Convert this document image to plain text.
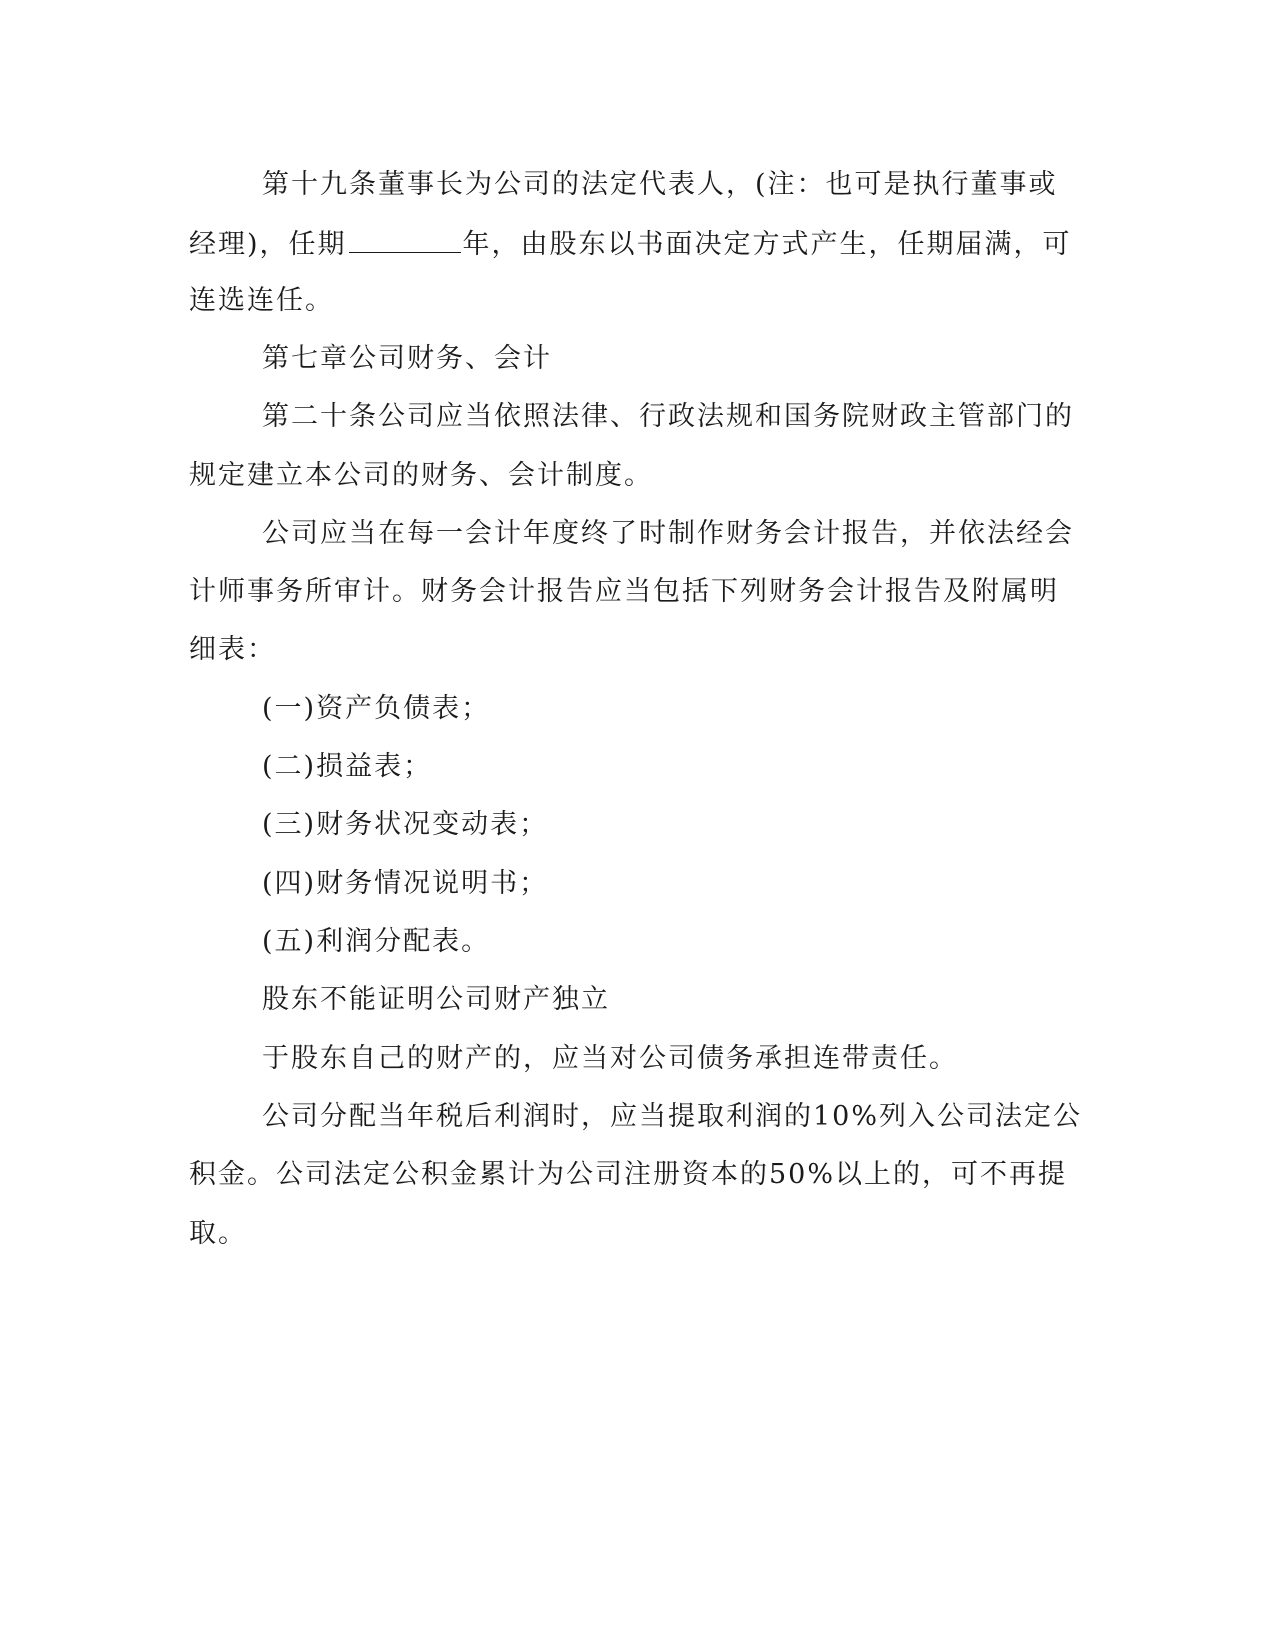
第十九条董事长为公司的法定代表人，(注：也可是执行董事或
经理)，任期	年，由股东以书面决定方式产生，任期届满，可
连选连任。
第七章公司财务、会计
第二十条公司应当依照法律、行政法规和国务院财政主管部门的
规定建立本公司的财务、会计制度。
公司应当在每一会计年度终了时制作财务会计报告，并依法经会
计师事务所审计。财务会计报告应当包括下列财务会计报告及附属明
细表：
(一)资产负债表；
(二)损益表；
(三)财务状况变动表；
(四)财务情况说明书；
(五)利润分配表。
股东不能证明公司财产独立
于股东自己的财产的，应当对公司债务承担连带责任。
公司分配当年税后利润时，应当提取利润的10%列入公司法定公
积金。公司法定公积金累计为公司注册资本的50%以上的，可不再提
取。
